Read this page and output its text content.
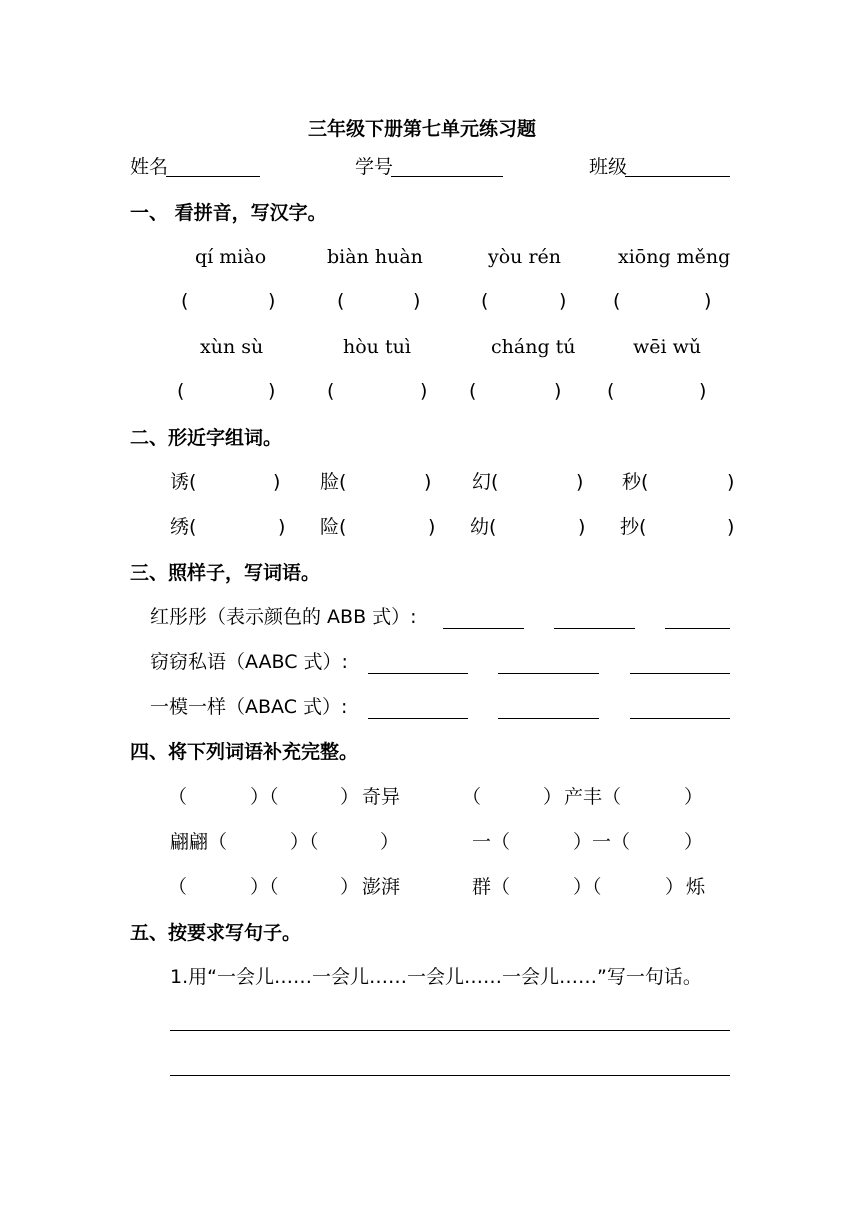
三年级下册第七单元练习题
姓名	学号	班级
一、 看拼音，写汉字。
qí miào	biàn huàn	yòu rén	xiōng měng
(	)	(	)	(	) (	)
xùn sù	hòu tuì	cháng tú	wēi wǔ
(	)	(	) (	) (	)
二、形近字组词。
诱(	) 脸(	) 幻(	) 秒(	)
绣(	) 险(	) 幼(	) 抄(	)
三、照样子，写词语。
红彤彤（表示颜色的 ABB 式）:
窃窃私语（AABC 式）:
一模一样（ABAC 式）:
四、将下列词语补充完整。
（	）（	） 奇异	（	） 产丰（	）
翩翩（	）（	）	一（	）一（	）
（	）（	） 澎湃	群（	）（	） 烁
五、按要求写句子。
1.用“一会儿……一会儿……一会儿……一会儿……”写一句话。
